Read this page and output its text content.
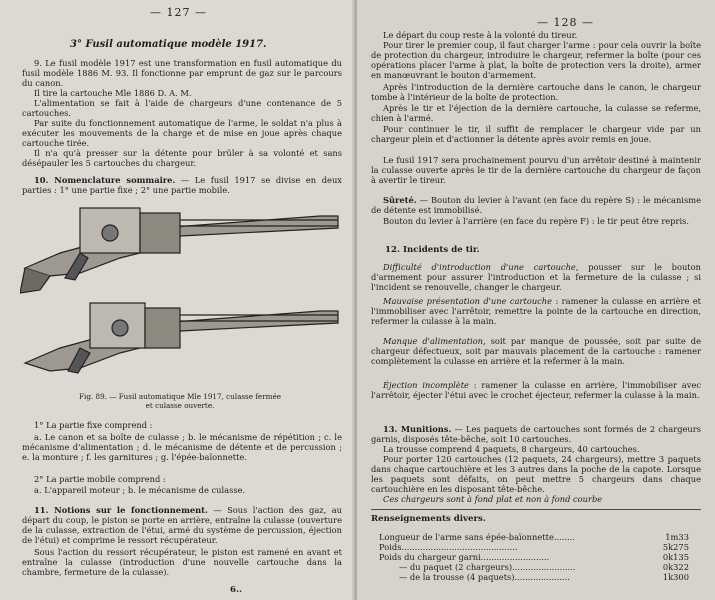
— 127 —
3° Fusil automatique modèle 1917.

9. Le fusil modèle 1917 est une transformation en fusil automatique du fusil modèle 1886 M. 93. Il fonctionne par emprunt de gaz sur le parcours du canon.

Il tire la cartouche Mle 1886 D. A. M.

L'alimentation se fait à l'aide de chargeurs d'une contenance de 5 cartouches.

Par suite du fonctionnement automatique de l'arme, le soldat n'a plus à exécuter les mouvements de la charge et de mise en joue après chaque cartouche tirée.

Il n'a qu'à presser sur la détente pour brûler à sa volonté et sans désépauler les 5 cartouches du chargeur.

10. Nomenclature sommaire. — Le fusil 1917 se divise en deux parties : 1° une partie fixe ; 2° une partie mobile.

Fig. 89. — Fusil automatique Mle 1917, culasse fermée
et culasse ouverte.

1° La partie fixe comprend :

a. Le canon et sa boîte de culasse ; b. le mécanisme de répétition ; c. le mécanisme d'alimentation ; d. le mécanisme de détente et de percussion ; e. la monture ; f. les garnitures ; g. l'épée-baïonnette.

2° La partie mobile comprend :

a. L'appareil moteur ; b. le mécanisme de culasse.

11. Notions sur le fonctionnement. — Sous l'action des gaz, au départ du coup, le piston se porte en arrière, entraîne la culasse (ouverture de la culasse, extraction de l'étui, armé du système de percussion, éjection de l'étui) et comprime le ressort récupérateur.

Sous l'action du ressort récupérateur, le piston est ramené en avant et entraîne la culasse (introduction d'une nouvelle cartouche dans la chambre, fermeture de la culasse).

6..
— 128 —

Le départ du coup reste à la volonté du tireur.

Pour tirer le premier coup, il faut charger l'arme : pour cela ouvrir la boîte de protection du chargeur, introduire le chargeur, refermer la boîte (pour ces opérations placer l'arme à plat, la boîte de protection vers la droite), armer en manœuvrant le bouton d'armement.

Après l'introduction de la dernière cartouche dans le canon, le chargeur tombe à l'intérieur de la boîte de protection.

Après le tir et l'éjection de la dernière cartouche, la culasse se referme, chien à l'armé.

Pour continuer le tir, il suffit de remplacer le chargeur vide par un chargeur plein et d'actionner la détente après avoir remis en joue.

Le fusil 1917 sera prochainement pourvu d'un arrêtoir destiné à maintenir la culasse ouverte après le tir de la dernière cartouche du chargeur de façon à avertir le tireur.

Sûreté. — Bouton du levier à l'avant (en face du repère S) : le mécanisme de détente est immobilisé.

Bouton du levier à l'arrière (en face du repère F) : le tir peut être repris.

12. Incidents de tir.

Difficulté d'introduction d'une cartouche, pousser sur le bouton d'armement pour assurer l'introduction et la fermeture de la culasse ; si l'incident se renouvelle, changer le chargeur.

Mauvaise présentation d'une cartouche : ramener la culasse en arrière et l'immobiliser avec l'arrêtoir, remettre la pointe de la cartouche en direction, refermer la culasse à la main.

Manque d'alimentation, soit par manque de poussée, soit par suite de chargeur défectueux, soit par mauvais placement de la cartouche : ramener complètement la culasse en arrière et la refermer à la main.

Éjection incomplète : ramener la culasse en arrière, l'immobiliser avec l'arrêtoir, éjecter l'étui avec le crochet éjecteur, refermer la culasse à la main.

13. Munitions. — Les paquets de cartouches sont formés de 2 chargeurs garnis, disposés tête-bêche, soit 10 cartouches.

La trousse comprend 4 paquets, 8 chargeurs, 40 cartouches.

Pour porter 120 cartouches (12 paquets, 24 chargeurs), mettre 3 paquets dans chaque cartouchière et les 3 autres dans la poche de la capote. Lorsque les paquets sont défaits, on peut mettre 5 chargeurs dans chaque cartouchière en les disposant tête-bêche.

Ces chargeurs sont à fond plat et non à fond courbe

Renseignements divers.
Longueur de l'arme sans épée-baïonnette........	1m33
Poids............................................	5k275
Poids du chargeur garni..........................	0k135
— du paquet (2 chargeurs)........................	0k322
— de la trousse (4 paquets).....................	1k300
